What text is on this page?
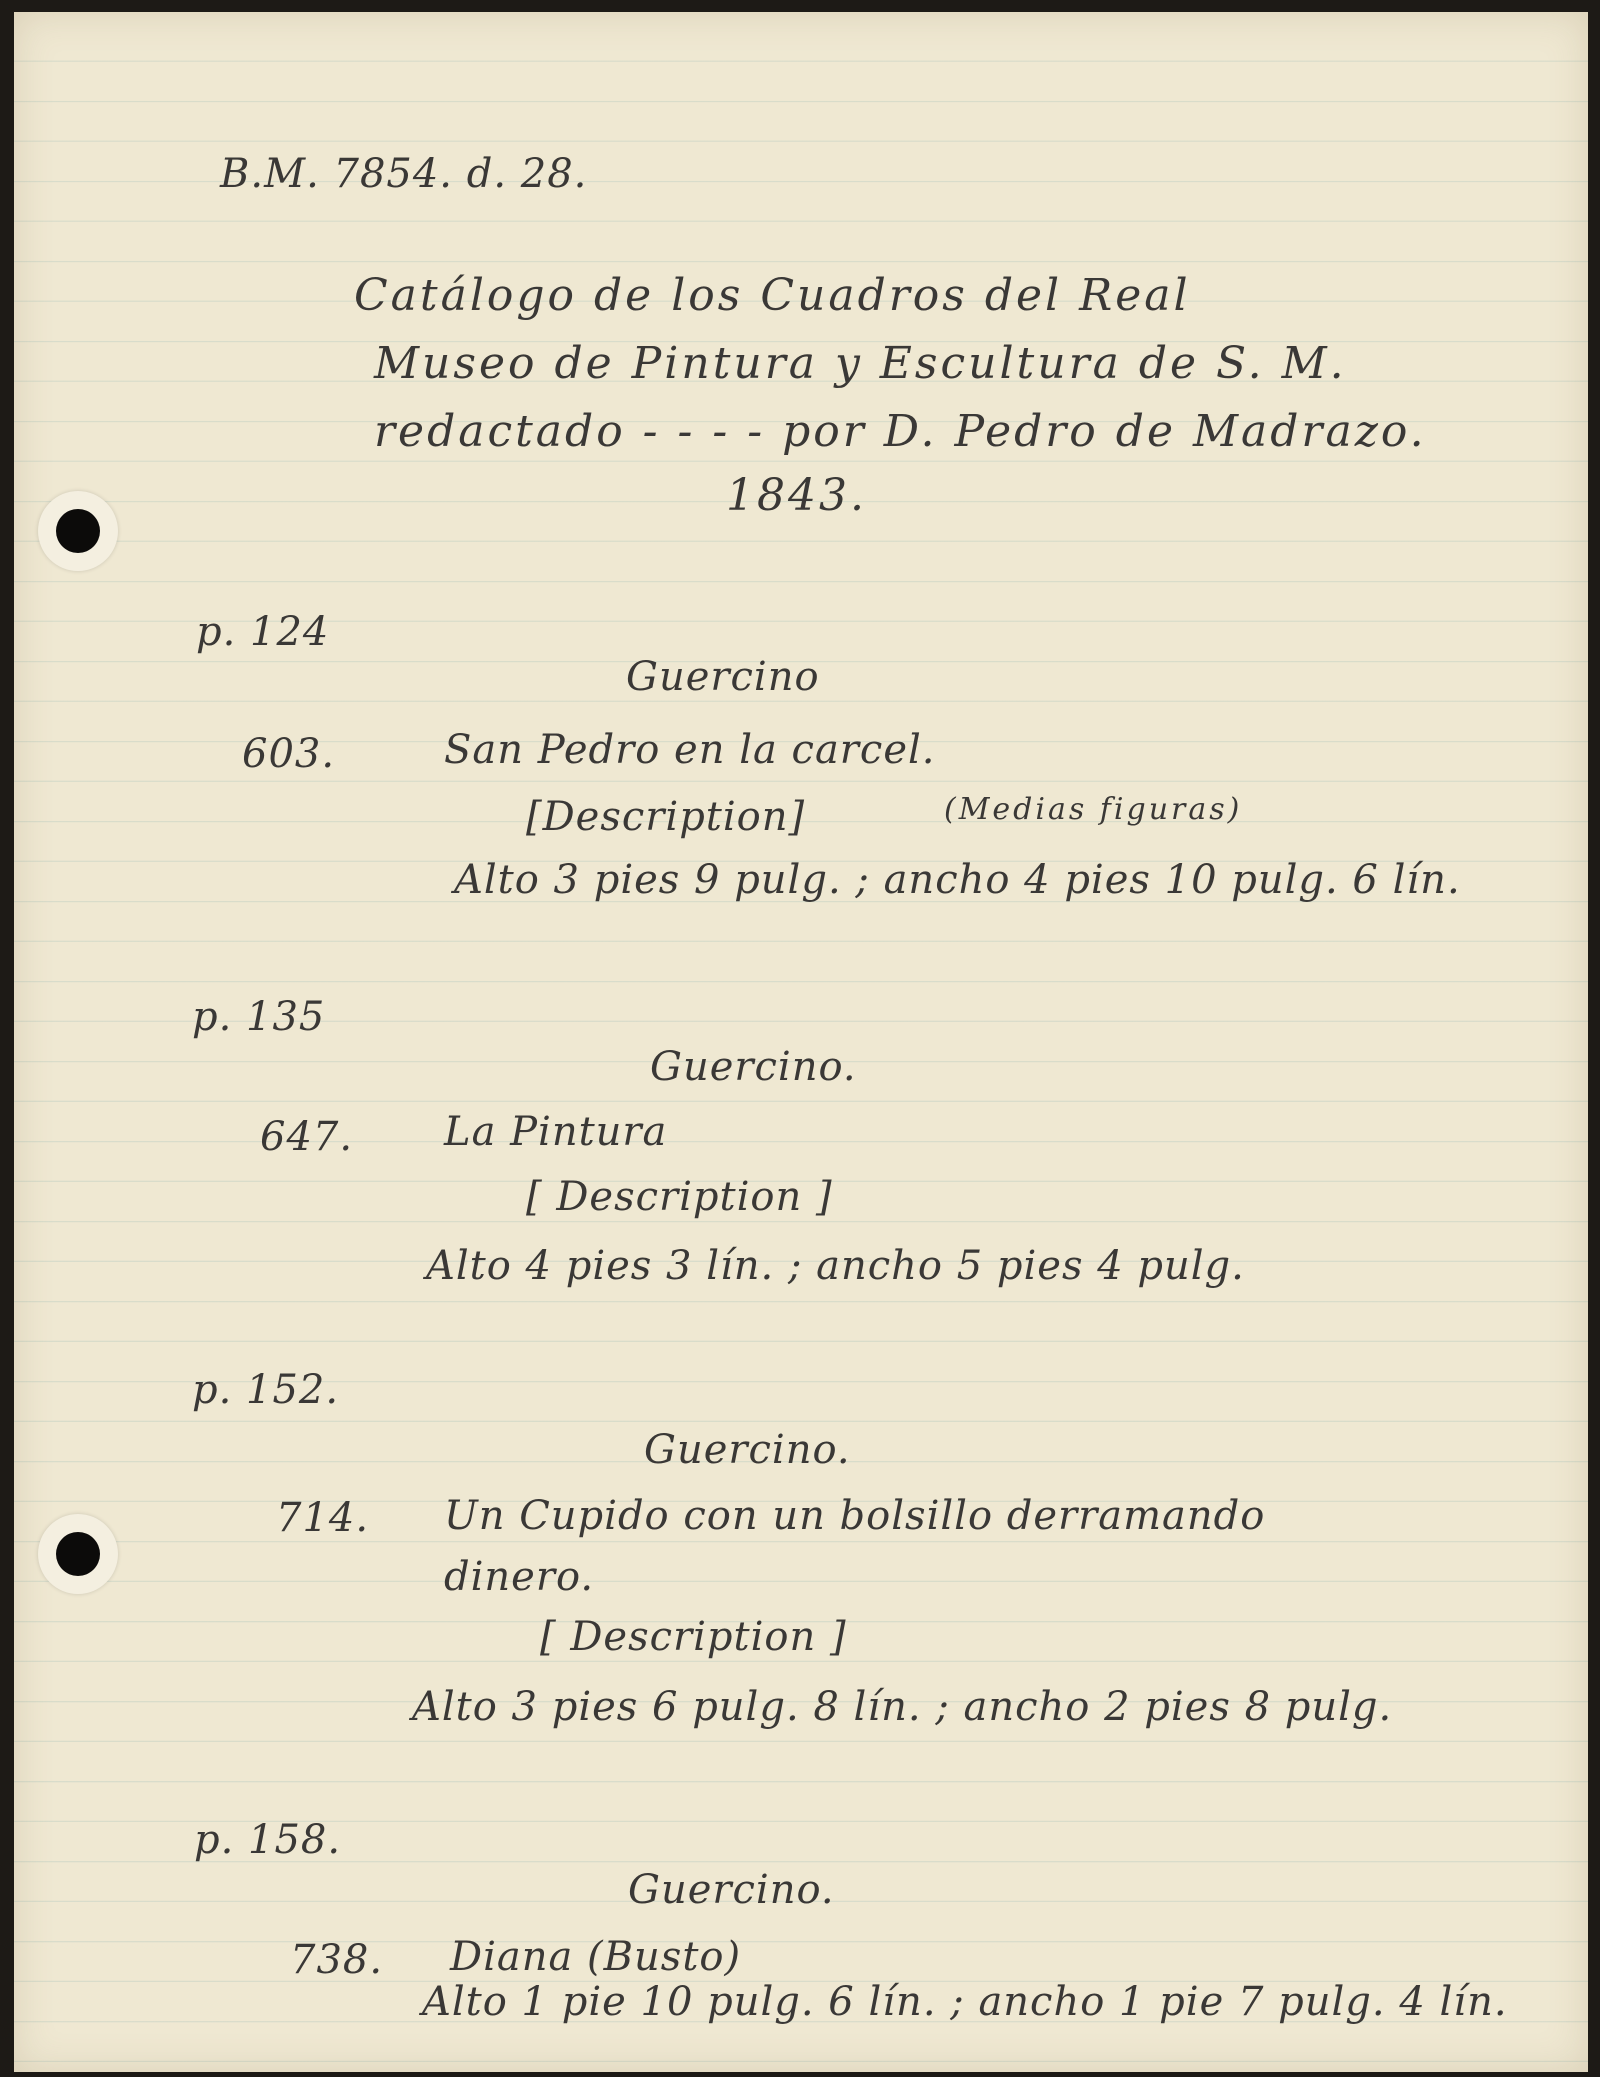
B.M. 7854. d. 28.

Catálogo de los Cuadros del Real

Museo de Pintura y Escultura de S. M.

redactado - - - - por D. Pedro de Madrazo.

1843.

p. 124

Guercino

603.	San Pedro en la carcel.

[Description]	(Medias figuras)

Alto 3 pies 9 pulg. ; ancho 4 pies 10 pulg. 6 lín.

p. 135

Guercino.

647. La Pintura

[ Description ]

Alto 4 pies 3 lín. ; ancho 5 pies 4 pulg.

p. 152.

Guercino.

714. Un Cupido con un bolsillo derramando

dinero.

[ Description ]

Alto 3 pies 6 pulg. 8 lín. ; ancho 2 pies 8 pulg.

p. 158.

Guercino.

738. Diana (Busto)

Alto 1 pie 10 pulg. 6 lín. ; ancho 1 pie 7 pulg. 4 lín.
